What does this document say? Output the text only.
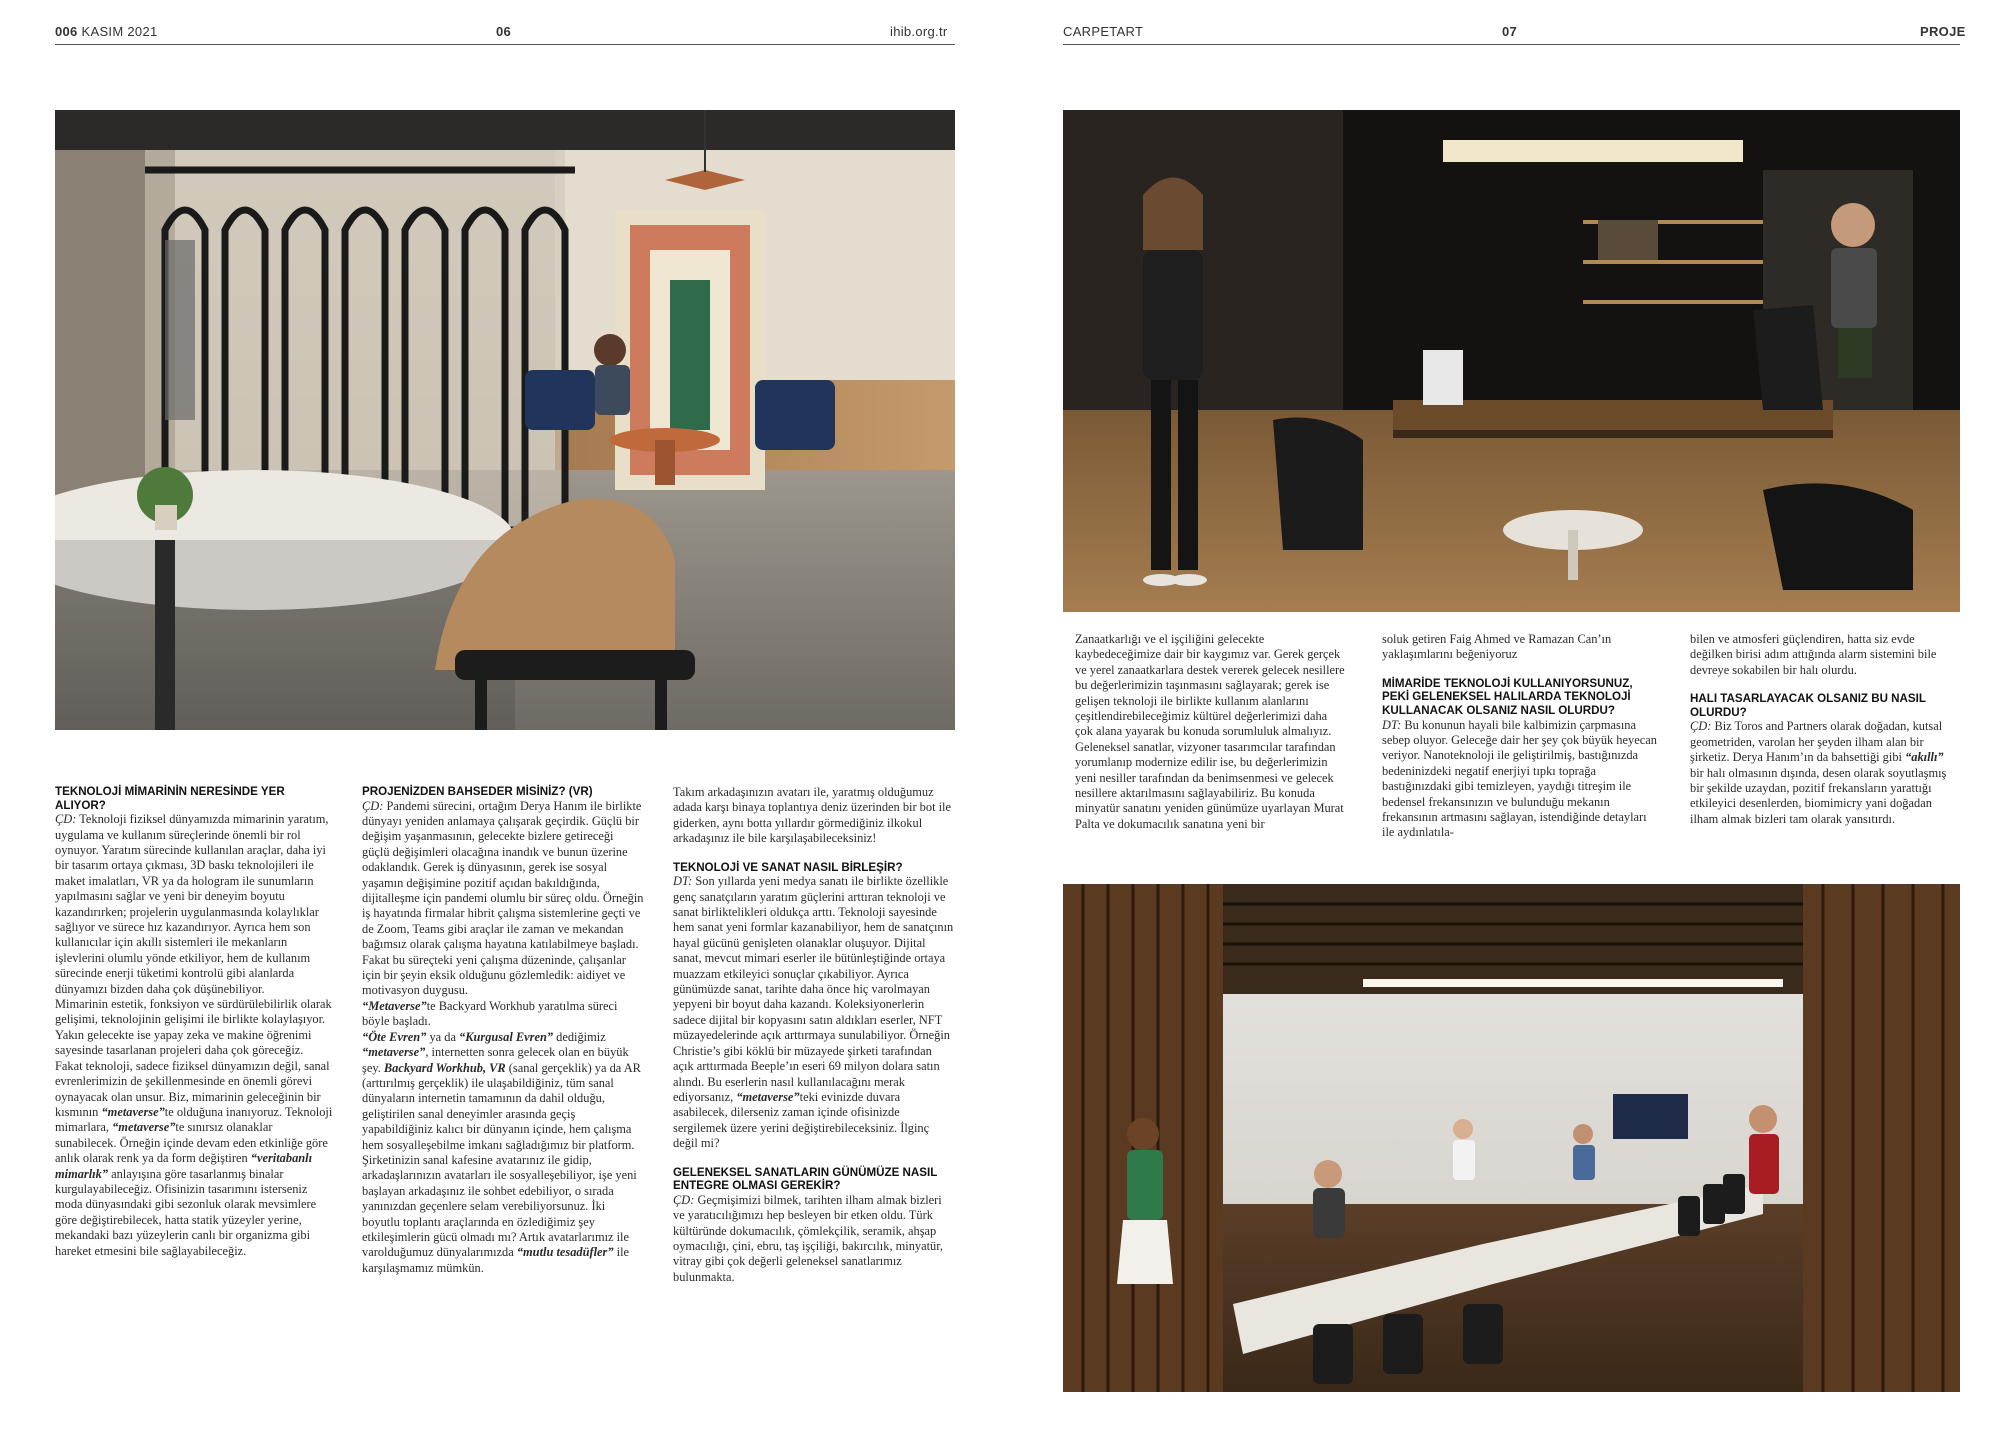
006 KASIM 2021	06	ihib.org.tr	CARPETART	07	PROJE
TEKNOLOJİ MİMARİNİN NERESİNDE YER ALIYOR?

ÇD: Teknoloji fiziksel dünyamızda mimarinin yaratım, uygulama ve kullanım süreçlerinde önemli bir rol oynuyor. Yaratım sürecinde kullanılan araçlar, daha iyi bir tasarım ortaya çıkması, 3D baskı teknolojileri ile maket imalatları, VR ya da hologram ile sunumların yapılmasını sağlar ve yeni bir deneyim boyutu kazandırırken; projelerin uygulanmasında kolaylıklar sağlıyor ve sürece hız kazandırıyor. Ayrıca hem son kullanıcılar için akıllı sistemleri ile mekanların işlevlerini olumlu yönde etkiliyor, hem de kullanım sürecinde enerji tüketimi kontrolü gibi alanlarda dünyamızı bizden daha çok düşünebiliyor.

Mimarinin estetik, fonksiyon ve sürdürülebilirlik olarak gelişimi, teknolojinin gelişimi ile birlikte kolaylaşıyor.

Yakın gelecekte ise yapay zeka ve makine öğrenimi sayesinde tasarlanan projeleri daha çok göreceğiz. Fakat teknoloji, sadece fiziksel dünyamızın değil, sanal evrenlerimizin de şekillenmesinde en önemli görevi oynayacak olan unsur. Biz, mimarinin geleceğinin bir kısmının “metaverse”te olduğuna inanıyoruz. Teknoloji mimarlara, “metaverse”te sınırsız olanaklar sunabilecek. Örneğin içinde devam eden etkinliğe göre anlık olarak renk ya da form değiştiren “veritabanlı mimarlık” anlayışına göre tasarlanmış binalar kurgulayabileceğiz. Ofisinizin tasarımını isterseniz moda dünyasındaki gibi sezonluk olarak mevsimlere göre değiştirebilecek, hatta statik yüzeyler yerine, mekandaki bazı yüzeylerin canlı bir organizma gibi hareket etmesini bile sağlayabileceğiz.

PROJENİZDEN BAHSEDER MİSİNİZ? (VR)

ÇD: Pandemi sürecini, ortağım Derya Hanım ile birlikte dünyayı yeniden anlamaya çalışarak geçirdik. Güçlü bir değişim yaşanmasının, gelecekte bizlere getireceği güçlü değişimleri olacağına inandık ve bunun üzerine odaklandık. Gerek iş dünyasının, gerek ise sosyal yaşamın değişimine pozitif açıdan bakıldığında, dijitalleşme için pandemi olumlu bir süreç oldu. Örneğin iş hayatında firmalar hibrit çalışma sistemlerine geçti ve de Zoom, Teams gibi araçlar ile zaman ve mekandan bağımsız olarak çalışma hayatına katılabilmeye başladı. Fakat bu süreçteki yeni çalışma düzeninde, çalışanlar için bir şeyin eksik olduğunu gözlemledik: aidiyet ve motivasyon duygusu.

“Metaverse”te Backyard Workhub yaratılma süreci böyle başladı.

“Öte Evren” ya da “Kurgusal Evren” dediğimiz “metaverse”, internetten sonra gelecek olan en büyük şey. Backyard Workhub, VR (sanal gerçeklik) ya da AR (arttırılmış gerçeklik) ile ulaşabildiğiniz, tüm sanal dünyaların internetin tamamının da dahil olduğu, geliştirilen sanal deneyimler arasında geçiş yapabildiğiniz kalıcı bir dünyanın içinde, hem çalışma hem sosyalleşebilme imkanı sağladığımız bir platform. Şirketinizin sanal kafesine avatarınız ile gidip, arkadaşlarınızın avatarları ile sosyalleşebiliyor, işe yeni başlayan arkadaşınız ile sohbet edebiliyor, o sırada yanınızdan geçenlere selam verebiliyorsunuz. İki boyutlu toplantı araçlarında en özlediğimiz şey etkileşimlerin gücü olmadı mı? Artık avatarlarımız ile varolduğumuz dünyalarımızda “mutlu tesadüfler” ile karşılaşmamız mümkün.

Takım arkadaşınızın avatarı ile, yaratmış olduğumuz adada karşı binaya toplantıya deniz üzerinden bir bot ile giderken, aynı botta yıllardır görmediğiniz ilkokul arkadaşınız ile bile karşılaşabileceksiniz!

TEKNOLOJİ VE SANAT NASIL BİRLEŞİR?

DT: Son yıllarda yeni medya sanatı ile birlikte özellikle genç sanatçıların yaratım güçlerini arttıran teknoloji ve sanat birliktelikleri oldukça arttı. Teknoloji sayesinde hem sanat yeni formlar kazanabiliyor, hem de sanatçının hayal gücünü genişleten olanaklar oluşuyor. Dijital sanat, mevcut mimari eserler ile bütünleştiğinde ortaya muazzam etkileyici sonuçlar çıkabiliyor. Ayrıca günümüzde sanat, tarihte daha önce hiç varolmayan yepyeni bir boyut daha kazandı. Koleksiyonerlerin sadece dijital bir kopyasını satın aldıkları eserler, NFT müzayedelerinde açık arttırmaya sunulabiliyor. Örneğin Christie’s gibi köklü bir müzayede şirketi tarafından açık arttırmada Beeple’ın eseri 69 milyon dolara satın alındı. Bu eserlerin nasıl kullanılacağını merak ediyorsanız, “metaverse”teki evinizde duvara asabilecek, dilerseniz zaman içinde ofisinizde sergilemek üzere yerini değiştirebileceksiniz. İlginç değil mi?

GELENEKSEL SANATLARIN GÜNÜMÜZE NASIL ENTEGRE OLMASI GEREKİR?

ÇD: Geçmişimizi bilmek, tarihten ilham almak bizleri ve yaratıcılığımızı hep besleyen bir etken oldu. Türk kültüründe dokumacılık, çömlekçilik, seramik, ahşap oymacılığı, çini, ebru, taş işçiliği, bakırcılık, minyatür, vitray gibi çok değerli geleneksel sanatlarımız bulunmakta.

Zanaatkarlığı ve el işçiliğini gelecekte kaybedeceğimize dair bir kaygımız var. Gerek gerçek ve yerel zanaatkarlara destek vererek gelecek nesillere bu değerlerimizin taşınmasını sağlayarak; gerek ise gelişen teknoloji ile birlikte kullanım alanlarını çeşitlendirebileceğimiz kültürel değerlerimizi daha çok alana yayarak bu konuda sorumluluk almalıyız. Geleneksel sanatlar, vizyoner tasarımcılar tarafından yorumlanıp modernize edilir ise, bu değerlerimizin yeni nesiller tarafından da benimsenmesi ve gelecek nesillere aktarılmasını sağlayabiliriz. Bu konuda minyatür sanatını yeniden günümüze uyarlayan Murat Palta ve dokumacılık sanatına yeni bir

soluk getiren Faig Ahmed ve Ramazan Can’ın yaklaşımlarını beğeniyoruz

MİMARİDE TEKNOLOJİ KULLANIYORSUNUZ, PEKİ GELENEKSEL HALILARDA TEKNOLOJİ KULLANACAK OLSANIZ NASIL OLURDU?

DT: Bu konunun hayali bile kalbimizin çarpmasına sebep oluyor. Geleceğe dair her şey çok büyük heyecan veriyor. Nanoteknoloji ile geliştirilmiş, bastığınızda bedeninizdeki negatif enerjiyi tıpkı toprağa bastığınızdaki gibi temizleyen, yaydığı titreşim ile bedensel frekansınızın ve bulunduğu mekanın frekansının artmasını sağlayan, istendiğinde detayları ile aydınlatıla-

bilen ve atmosferi güçlendiren, hatta siz evde değilken birisi adım attığında alarm sistemini bile devreye sokabilen bir halı olurdu.

HALI TASARLAYACAK OLSANIZ BU NASIL OLURDU?

ÇD: Biz Toros and Partners olarak doğadan, kutsal geometriden, varolan her şeyden ilham alan bir şirketiz. Derya Hanım’ın da bahsettiği gibi “akıllı” bir halı olmasının dışında, desen olarak soyutlaşmış bir şekilde uzaydan, pozitif frekansların yarattığı etkileyici desenlerden, biomimicry yani doğadan ilham almak bizleri tam olarak yansıtırdı.
